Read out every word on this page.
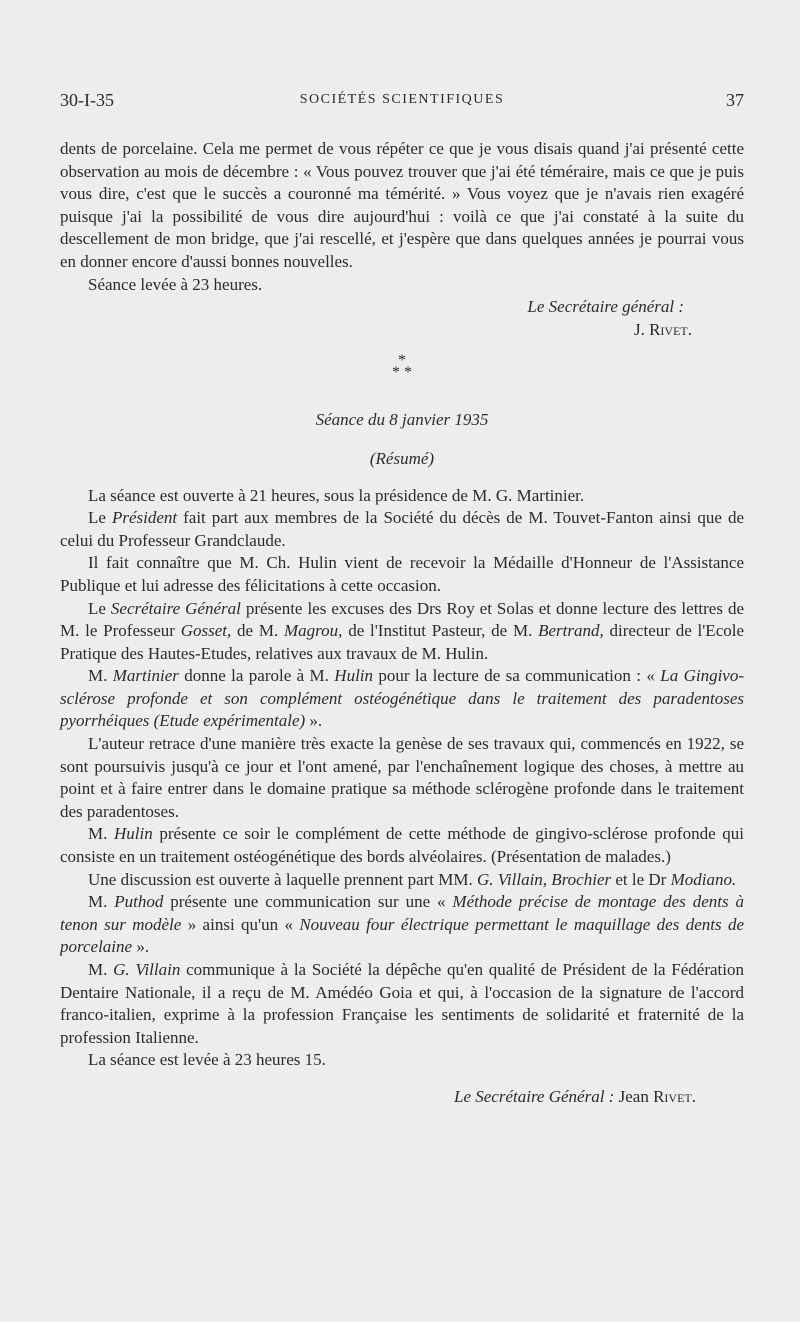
30-I-35	SOCIÉTÉS SCIENTIFIQUES	37

dents de porcelaine. Cela me permet de vous répéter ce que je vous disais quand j'ai présenté cette observation au mois de décembre : « Vous pouvez trouver que j'ai été téméraire, mais ce que je puis vous dire, c'est que le succès a couronné ma témérité. » Vous voyez que je n'avais rien exagéré puisque j'ai la possibilité de vous dire aujourd'hui : voilà ce que j'ai constaté à la suite du descellement de mon bridge, que j'ai rescellé, et j'espère que dans quelques années je pourrai vous en donner encore d'aussi bonnes nouvelles.

Séance levée à 23 heures.

Le Secrétaire général :

J. Rivet.

*
* *

Séance du 8 janvier 1935

(Résumé)

La séance est ouverte à 21 heures, sous la présidence de M. G. Martinier.

Le Président fait part aux membres de la Société du décès de M. Touvet-Fanton ainsi que de celui du Professeur Grandclaude.

Il fait connaître que M. Ch. Hulin vient de recevoir la Médaille d'Honneur de l'Assistance Publique et lui adresse des félicitations à cette occasion.

Le Secrétaire Général présente les excuses des Drs Roy et Solas et donne lecture des lettres de M. le Professeur Gosset, de M. Magrou, de l'Institut Pasteur, de M. Bertrand, directeur de l'Ecole Pratique des Hautes-Etudes, relatives aux travaux de M. Hulin.

M. Martinier donne la parole à M. Hulin pour la lecture de sa communication : « La Gingivo-sclérose profonde et son complément ostéogénétique dans le traitement des paradentoses pyorrhéiques (Etude expérimentale) ».

L'auteur retrace d'une manière très exacte la genèse de ses travaux qui, commencés en 1922, se sont poursuivis jusqu'à ce jour et l'ont amené, par l'enchaînement logique des choses, à mettre au point et à faire entrer dans le domaine pratique sa méthode sclérogène profonde dans le traitement des paradentoses.

M. Hulin présente ce soir le complément de cette méthode de gingivo-sclérose profonde qui consiste en un traitement ostéogénétique des bords alvéolaires. (Présentation de malades.)

Une discussion est ouverte à laquelle prennent part MM. G. Villain, Brochier et le Dr Modiano.

M. Puthod présente une communication sur une « Méthode précise de montage des dents à tenon sur modèle » ainsi qu'un « Nouveau four électrique permettant le maquillage des dents de porcelaine ».

M. G. Villain communique à la Société la dépêche qu'en qualité de Président de la Fédération Dentaire Nationale, il a reçu de M. Amédéo Goia et qui, à l'occasion de la signature de l'accord franco-italien, exprime à la profession Française les sentiments de solidarité et fraternité de la profession Italienne.

La séance est levée à 23 heures 15.

Le Secrétaire Général : Jean Rivet.
